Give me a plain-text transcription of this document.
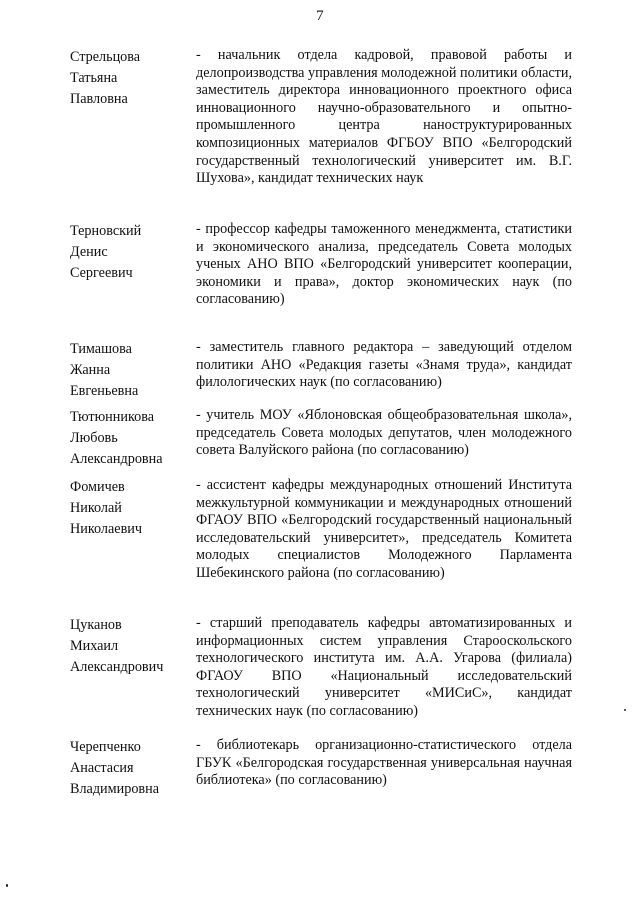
7
Стрельцова
Татьяна
Павловна
- начальник отдела кадровой, правовой работы и делопроизводства управления молодежной политики области, заместитель директора инновационного проектного офиса инновационного научно-образовательного и опытно-промышленного центра наноструктурированных композиционных материалов ФГБОУ ВПО «Белгородский государственный технологический университет им. В.Г. Шухова», кандидат технических наук
Терновский
Денис
Сергеевич
- профессор кафедры таможенного менеджмента, статистики и экономического анализа, председатель Совета молодых ученых АНО ВПО «Белгородский университет кооперации, экономики и права», доктор экономических наук (по согласованию)
Тимашова
Жанна
Евгеньевна
- заместитель главного редактора – заведующий отделом политики АНО «Редакция газеты «Знамя труда», кандидат филологических наук (по согласованию)
Тютюнникова
Любовь
Александровна
- учитель МОУ «Яблоновская общеобразовательная школа», председатель Совета молодых депутатов, член молодежного совета Валуйского района (по согласованию)
Фомичев
Николай
Николаевич
- ассистент кафедры международных отношений Института межкультурной коммуникации и международных отношений ФГАОУ ВПО «Белгородский государственный национальный исследовательский университет», председатель Комитета молодых специалистов Молодежного Парламента Шебекинского района (по согласованию)
Цуканов
Михаил
Александрович
- старший преподаватель кафедры автоматизированных и информационных систем управления Старооскольского технологического института им. А.А. Угарова (филиала) ФГАОУ ВПО «Национальный исследовательский технологический университет «МИСиС», кандидат технических наук (по согласованию)
Черепченко
Анастасия
Владимировна
- библиотекарь организационно-статистического отдела ГБУК «Белгородская государственная универсальная научная библиотека» (по согласованию)
